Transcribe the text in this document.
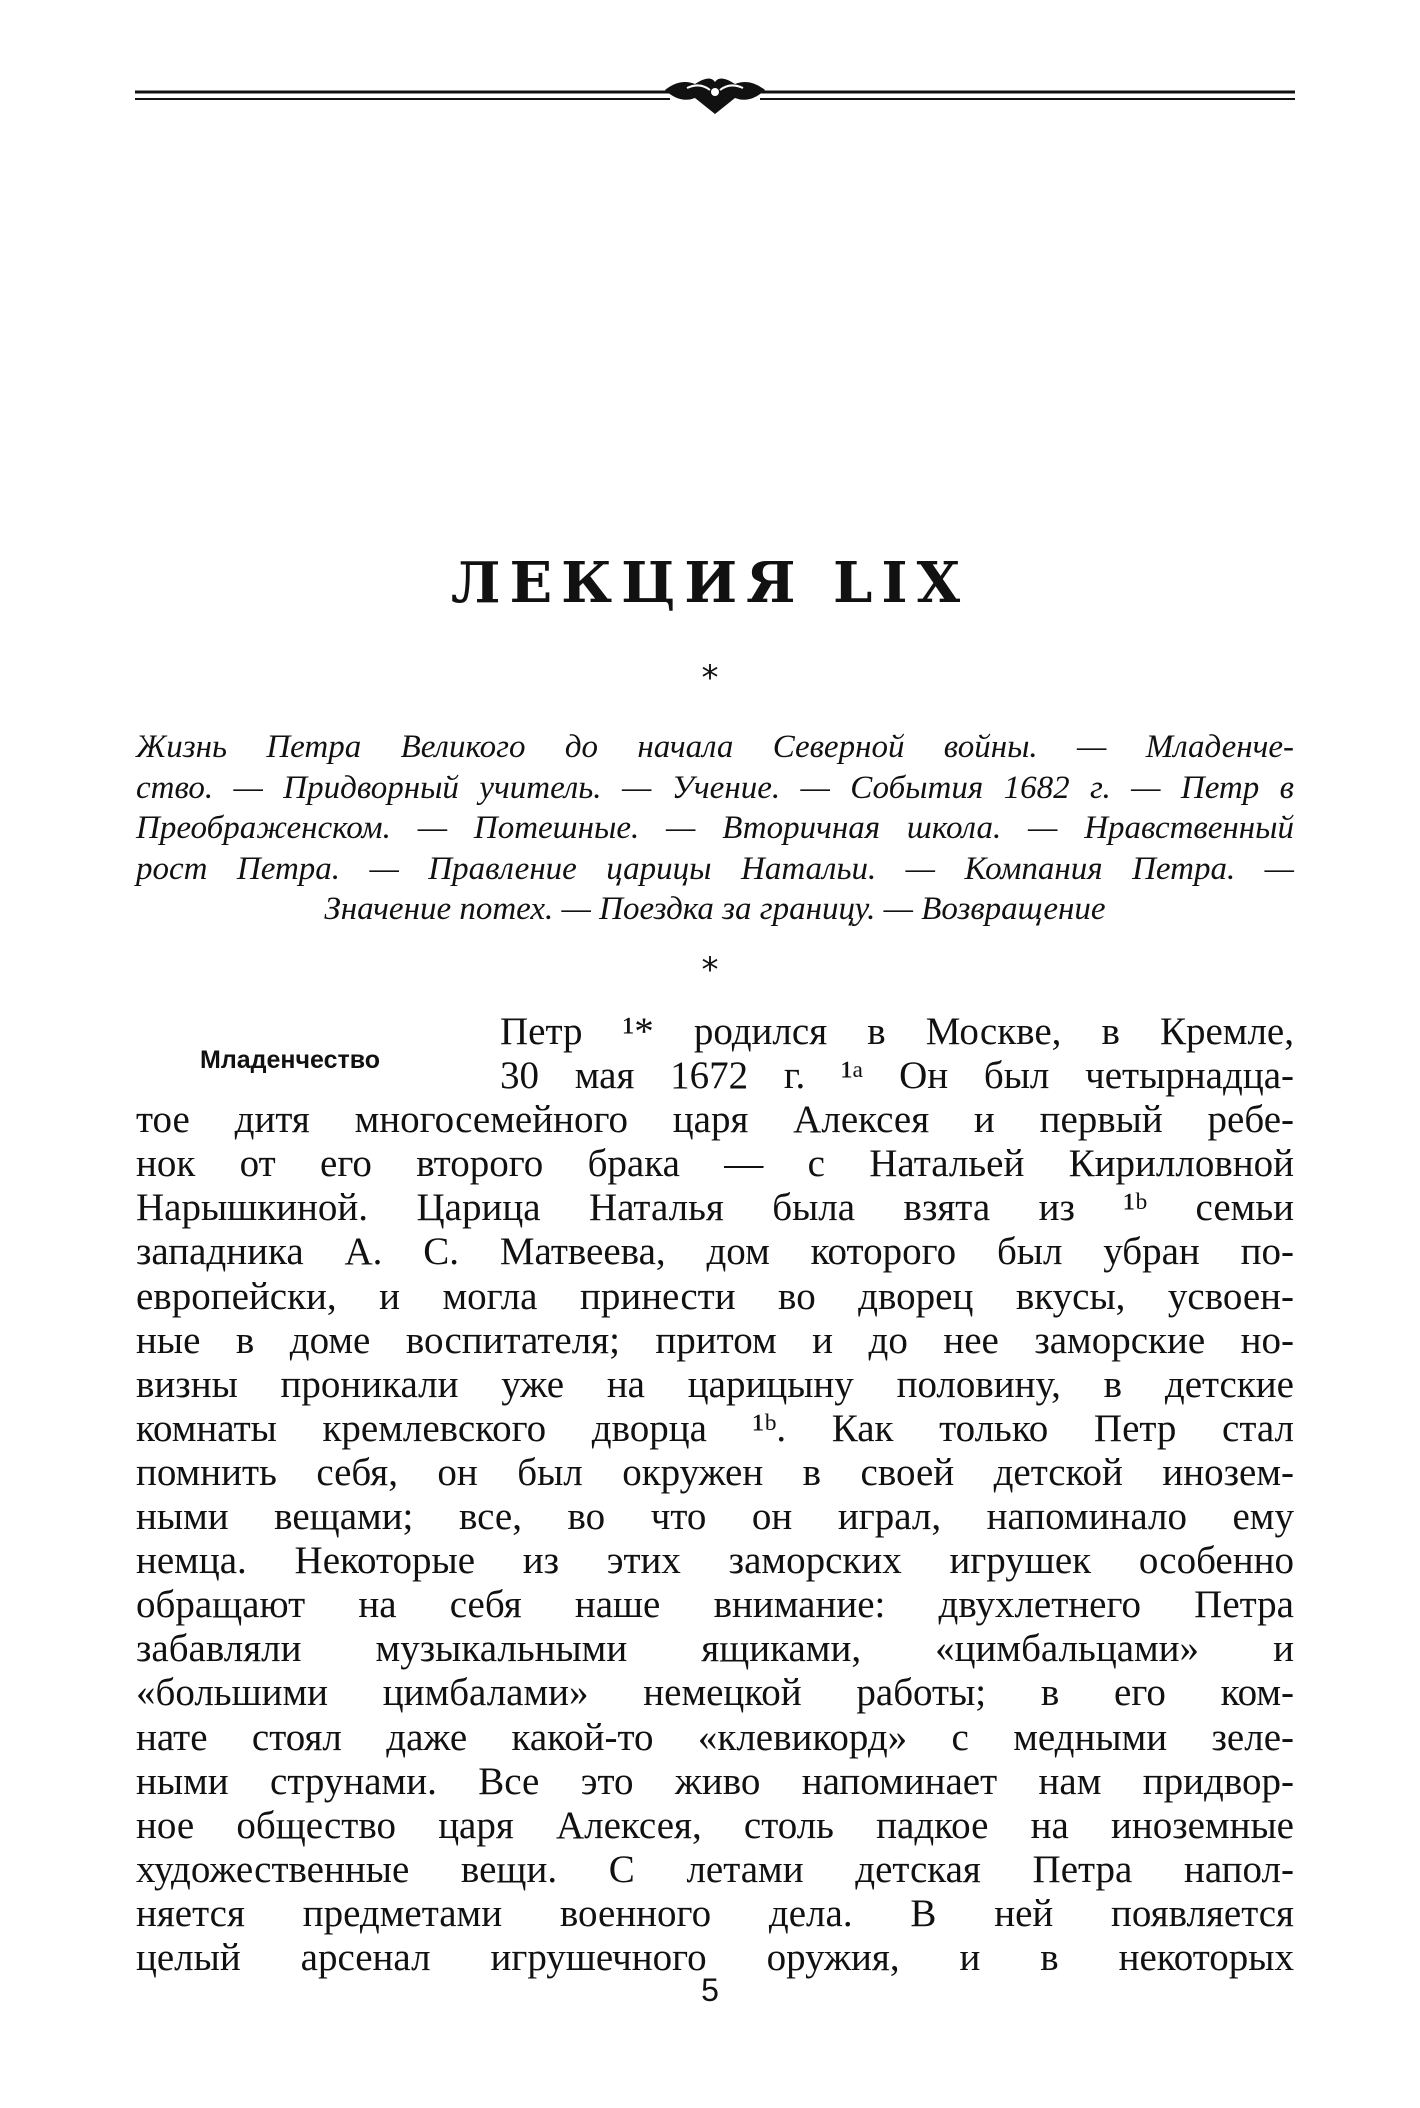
ЛЕКЦИЯ LIX
*
Жизнь Петра Великого до начала Северной войны. — Младенче-
ство. — Придворный учитель. — Учение. — События 1682 г. — Петр в
Преображенском. — Потешные. — Вторичная школа. — Нравственный
рост Петра. — Правление царицы Натальи. — Компания Петра. —
Значение потех. — Поездка за границу. — Возвращение
*
Младенчество
Петр ¹* родился в Москве, в Кремле,
30 мая 1672 г. ¹ᵃ Он был четырнадца-
тое дитя многосемейного царя Алексея и первый ребе-
нок от его второго брака — с Натальей Кирилловной
Нарышкиной. Царица Наталья была взята из ¹ᵇ семьи
западника А. С. Матвеева, дом которого был убран по-
европейски, и могла принести во дворец вкусы, усвоен-
ные в доме воспитателя; притом и до нее заморские но-
визны проникали уже на царицыну половину, в детские
комнаты кремлевского дворца ¹ᵇ. Как только Петр стал
помнить себя, он был окружен в своей детской инозем-
ными вещами; все, во что он играл, напоминало ему
немца. Некоторые из этих заморских игрушек особенно
обращают на себя наше внимание: двухлетнего Петра
забавляли музыкальными ящиками, «цимбальцами» и
«большими цимбалами» немецкой работы; в его ком-
нате стоял даже какой-то «клевикорд» с медными зеле-
ными струнами. Все это живо напоминает нам придвор-
ное общество царя Алексея, столь падкое на иноземные
художественные вещи. С летами детская Петра напол-
няется предметами военного дела. В ней появляется
целый арсенал игрушечного оружия, и в некоторых
5
